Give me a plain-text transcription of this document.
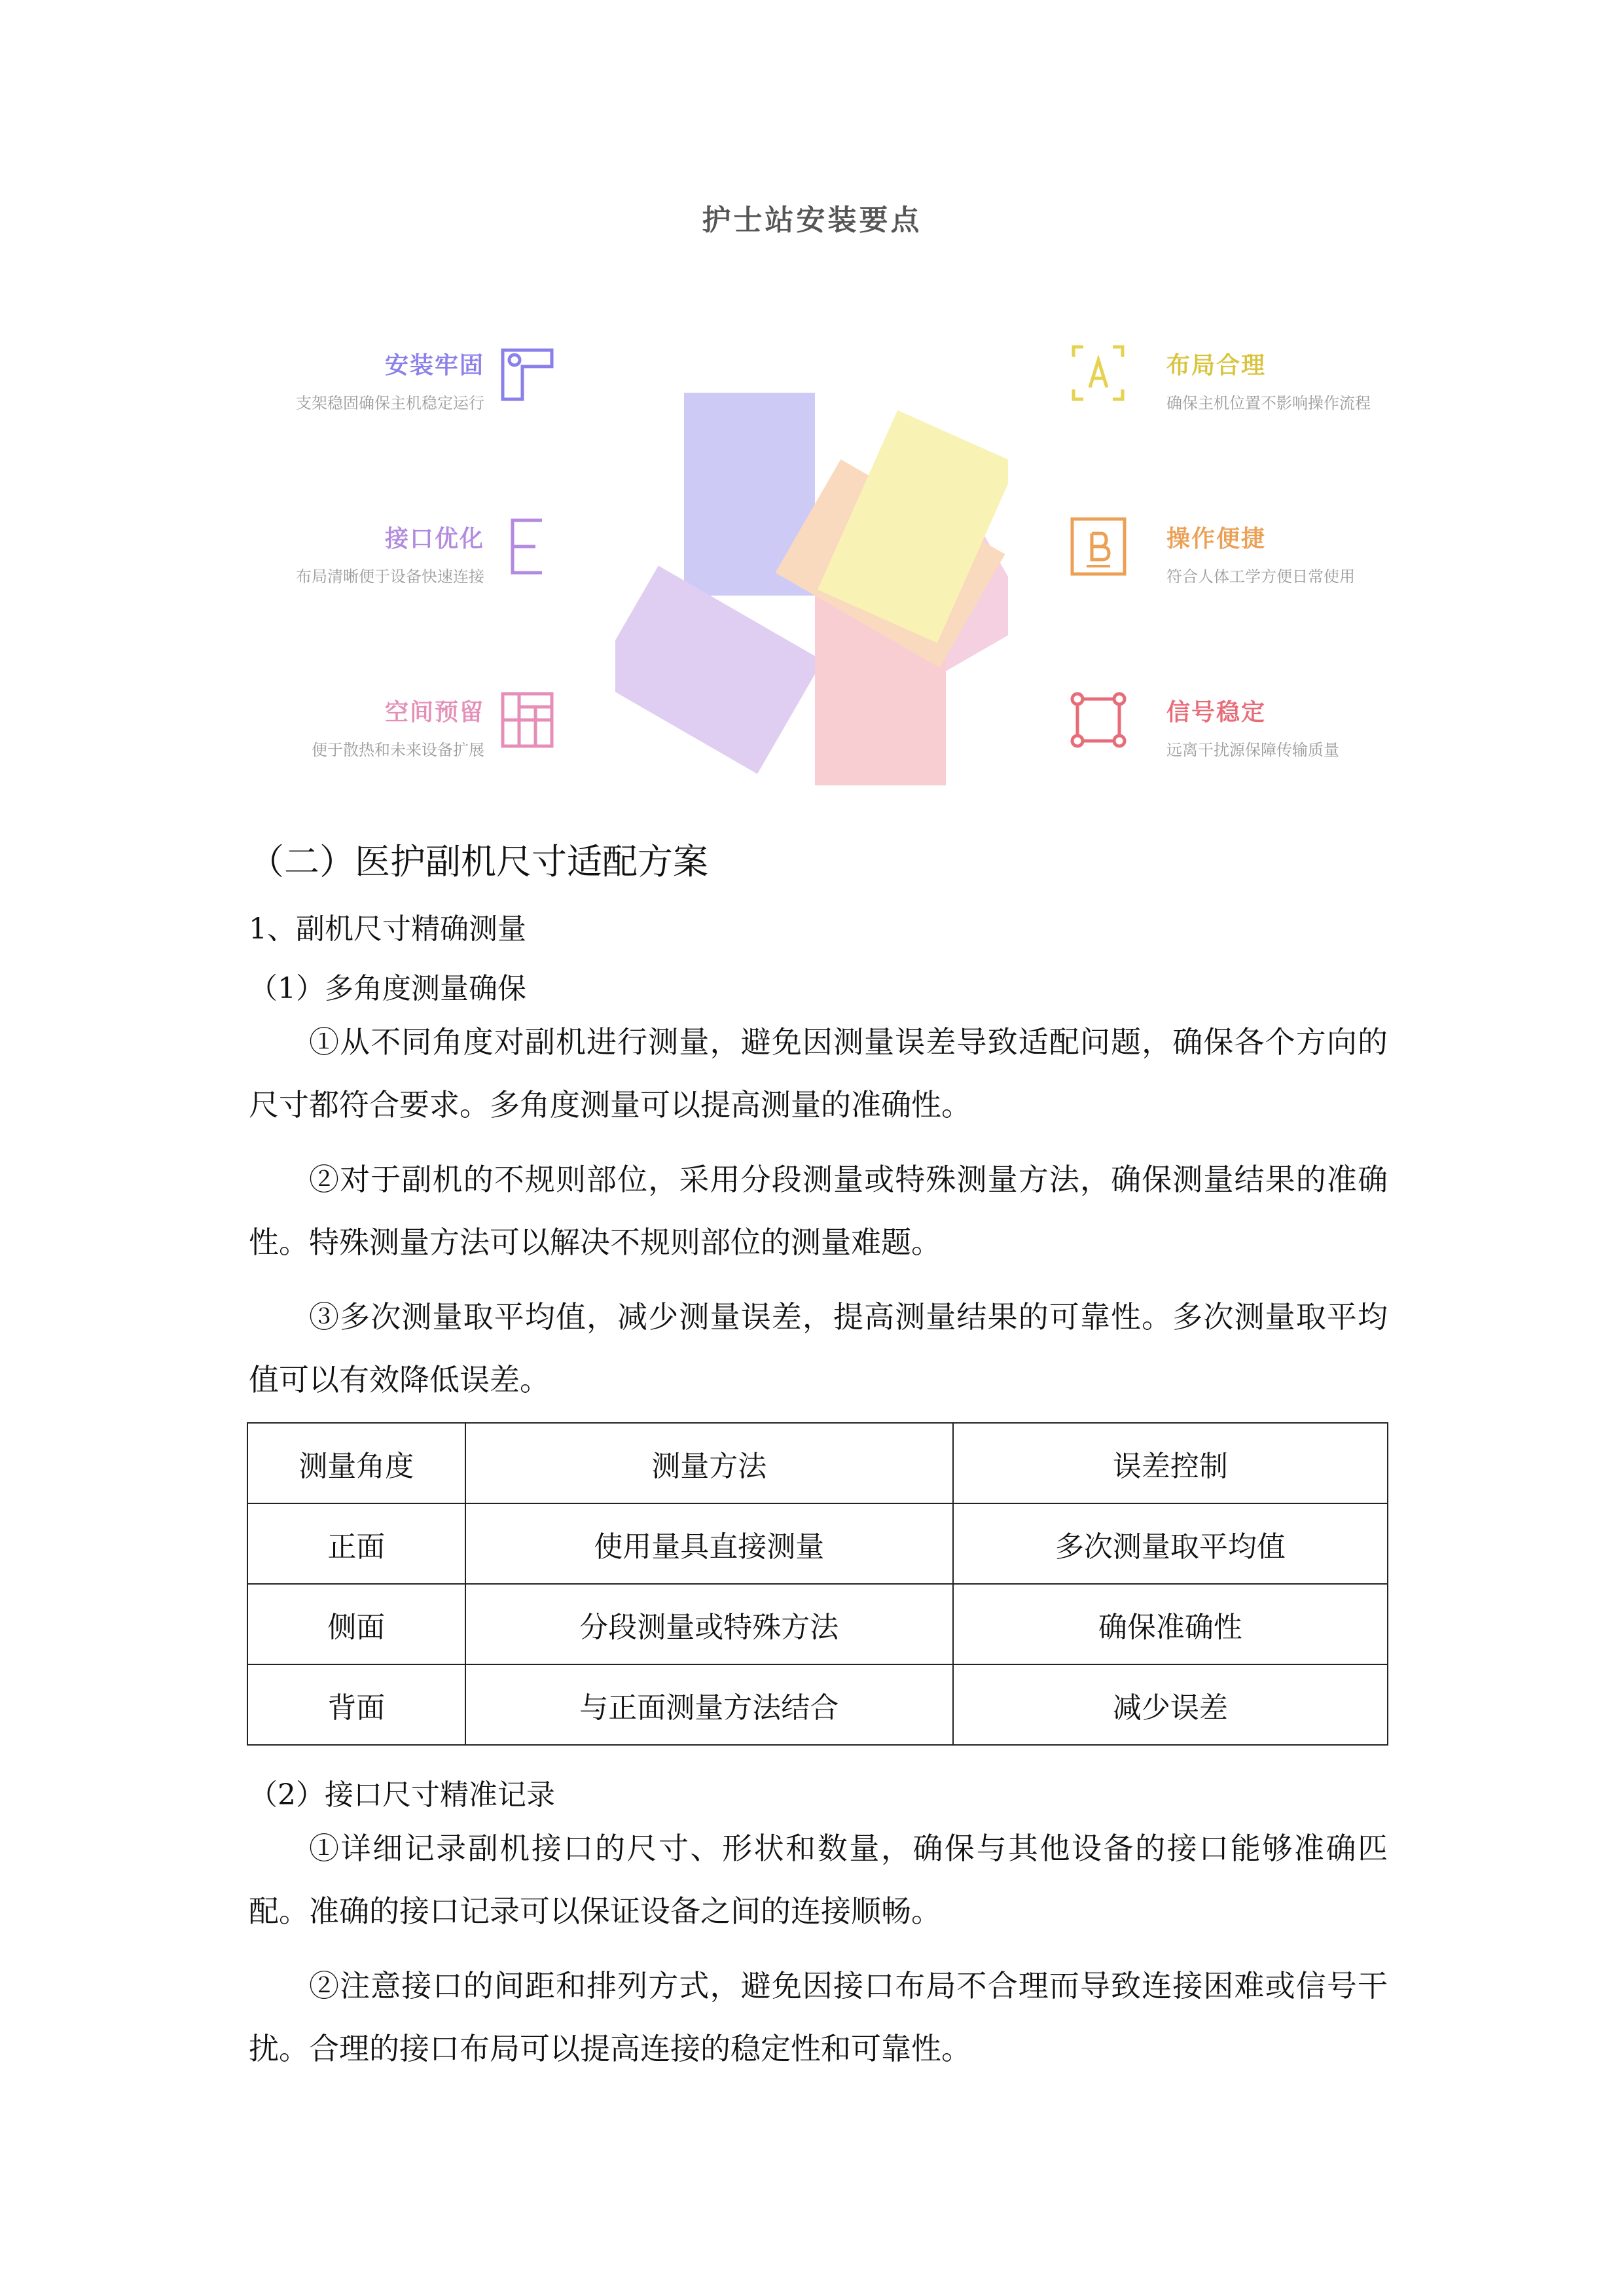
护士站安装要点
安装牢固
支架稳固确保主机稳定运行
接口优化
布局清晰便于设备快速连接
空间预留
便于散热和未来设备扩展
布局合理
确保主机位置不影响操作流程
操作便捷
符合人体工学方便日常使用
信号稳定
远离干扰源保障传输质量
（二）医护副机尺寸适配方案
1、副机尺寸精确测量
（1）多角度测量确保

①从不同角度对副机进行测量，避免因测量误差导致适配问题，确保各个方向的尺寸都符合要求。多角度测量可以提高测量的准确性。

②对于副机的不规则部位，采用分段测量或特殊测量方法，确保测量结果的准确性。特殊测量方法可以解决不规则部位的测量难题。

③多次测量取平均值，减少测量误差，提高测量结果的可靠性。多次测量取平均值可以有效降低误差。

测量角度	测量方法	误差控制
正面	使用量具直接测量	多次测量取平均值
侧面	分段测量或特殊方法	确保准确性
背面	与正面测量方法结合	减少误差
（2）接口尺寸精准记录

①详细记录副机接口的尺寸、形状和数量，确保与其他设备的接口能够准确匹配。准确的接口记录可以保证设备之间的连接顺畅。

②注意接口的间距和排列方式，避免因接口布局不合理而导致连接困难或信号干扰。合理的接口布局可以提高连接的稳定性和可靠性。
